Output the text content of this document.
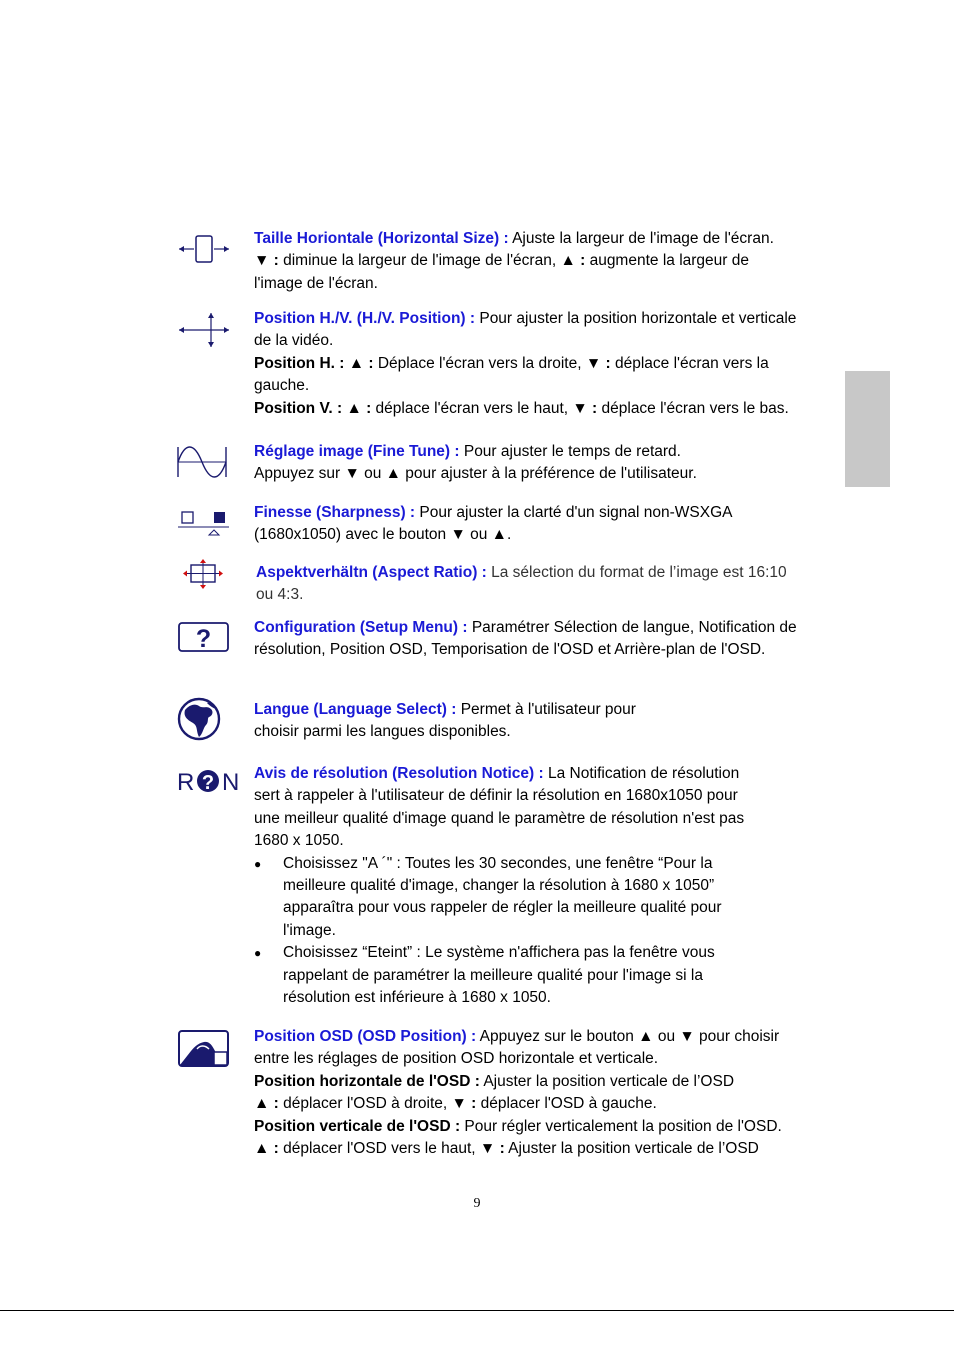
Taille Horiontale (Horizontal Size) : Ajuste la largeur de l'image de l'écran.
▼ : diminue la largeur de l'image de l'écran, ▲ : augmente la largeur de l'image de l'écran.
Position H./V. (H./V. Position) : Pour ajuster la position horizontale et verticale de la vidéo.
Position H. : ▲ : Déplace l'écran vers la droite, ▼ : déplace l'écran vers la gauche.
Position V. : ▲ : déplace l'écran vers le haut, ▼ : déplace l'écran vers le bas.
Réglage image (Fine Tune) : Pour ajuster le temps de retard.
Appuyez sur ▼ ou ▲ pour ajuster à la préférence de l'utilisateur.
Finesse (Sharpness) : Pour ajuster la clarté d'un signal non-WSXGA (1680x1050) avec le bouton ▼ ou ▲.
Aspektverhältn (Aspect Ratio) : La sélection du format de l’image est 16:10 ou 4:3.
?	Configuration (Setup Menu) : Paramétrer Sélection de langue, Notification de résolution, Position OSD, Temporisation de l'OSD et Arrière-plan de l'OSD.
Langue (Language Select) : Permet à l'utilisateur pour
choisir parmi les langues disponibles.
R ? N Avis de résolution (Resolution Notice) : La Notification de résolution sert à rappeler à l'utilisateur de définir la résolution en 1680x1050 pour une meilleur qualité d'image quand le paramètre de résolution n'est pas 1680 x 1050.
● Choisissez "A ´" : Toutes les 30 secondes, une fenêtre “Pour la meilleure qualité d'image, changer la résolution à 1680 x 1050” apparaîtra pour vous rappeler de régler la meilleure qualité pour l'image.
● Choisissez “Eteint” : Le système n'affichera pas la fenêtre vous rappelant de paramétrer la meilleure qualité pour l'image si la résolution est inférieure à 1680 x 1050.
Position OSD (OSD Position) : Appuyez sur le bouton ▲ ou ▼ pour choisir entre les réglages de position OSD horizontale et verticale.
Position horizontale de l'OSD : Ajuster la position verticale de l’OSD
▲ : déplacer l'OSD à droite, ▼ : déplacer l'OSD à gauche.
Position verticale de l'OSD : Pour régler verticalement la position de l'OSD.
▲ : déplacer l'OSD vers le haut, ▼ : Ajuster la position verticale de l’OSD
9
